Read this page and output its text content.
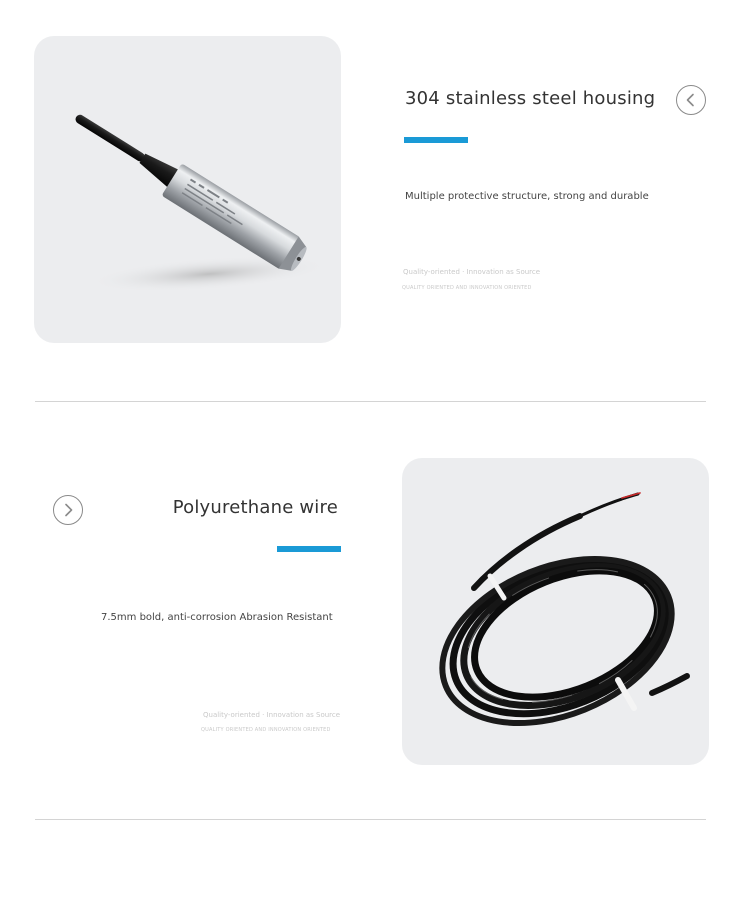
304 stainless steel housing
Multiple protective structure, strong and durable
Quality-oriented · Innovation as Source
QUALITY ORIENTED AND INNOVATION ORIENTED
Polyurethane wire
7.5mm bold, anti-corrosion Abrasion Resistant
Quality-oriented · Innovation as Source
QUALITY ORIENTED AND INNOVATION ORIENTED
